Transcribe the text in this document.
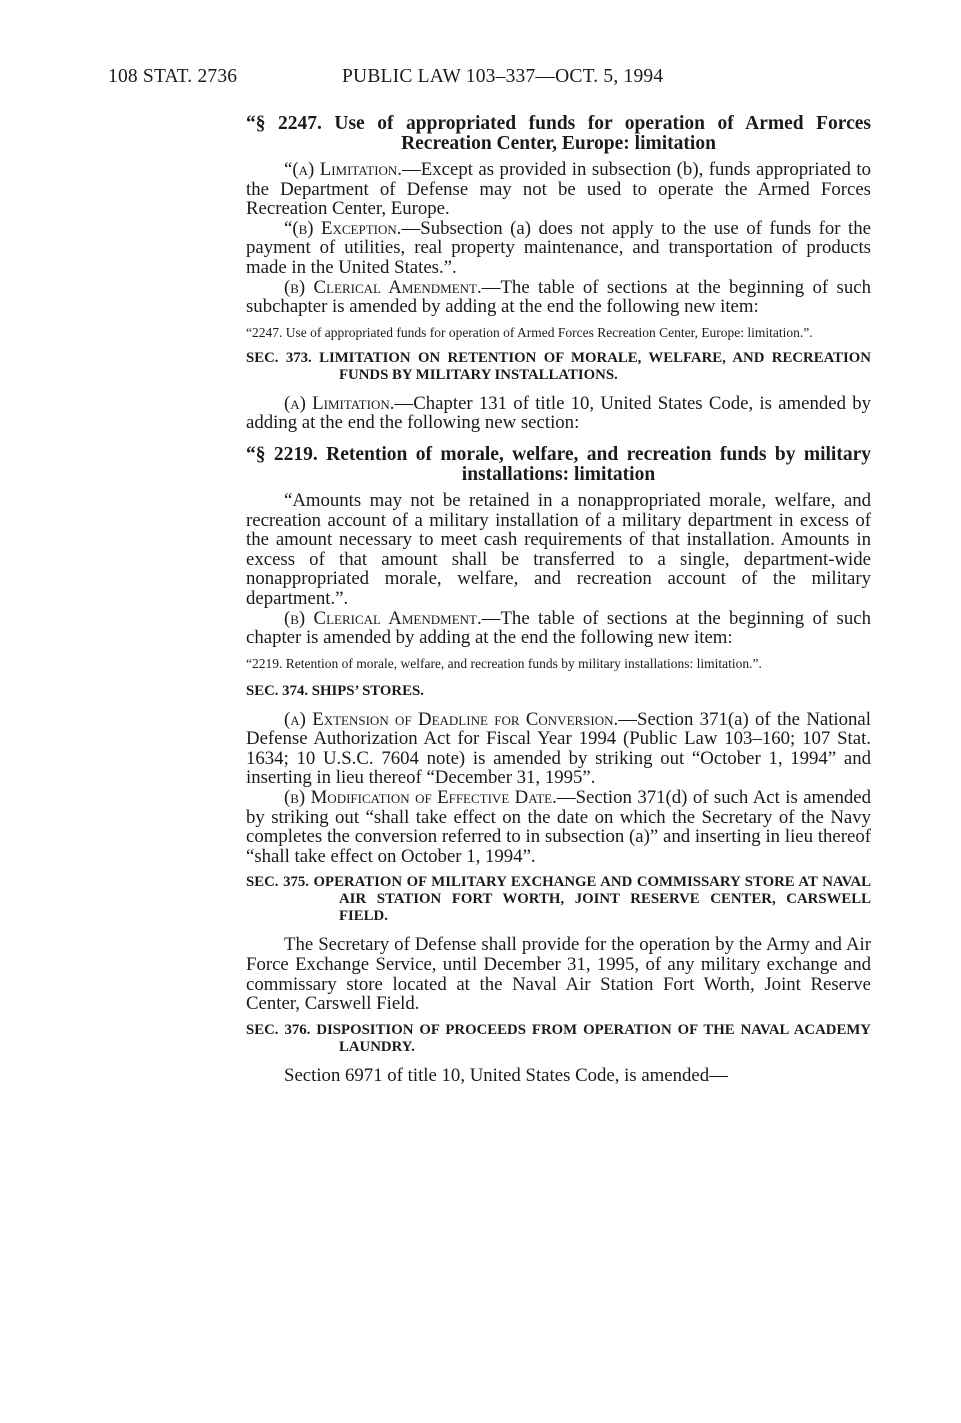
108 STAT. 2736	PUBLIC LAW 103–337—OCT. 5, 1994
“§ 2247. Use of appropriated funds for operation of Armed Forces Recreation Center, Europe: limitation

“(a) Limitation.—Except as provided in subsection (b), funds appropriated to the Department of Defense may not be used to operate the Armed Forces Recreation Center, Europe.

“(b) Exception.—Subsection (a) does not apply to the use of funds for the payment of utilities, real property maintenance, and transportation of products made in the United States.”.

(b) Clerical Amendment.—The table of sections at the beginning of such subchapter is amended by adding at the end the following new item:

“2247. Use of appropriated funds for operation of Armed Forces Recreation Center, Europe: limitation.”.
SEC. 373. LIMITATION ON RETENTION OF MORALE, WELFARE, AND RECREATION FUNDS BY MILITARY INSTALLATIONS.

(a) Limitation.—Chapter 131 of title 10, United States Code, is amended by adding at the end the following new section:

“§ 2219. Retention of morale, welfare, and recreation funds by military installations: limitation

“Amounts may not be retained in a nonappropriated morale, welfare, and recreation account of a military installation of a military department in excess of the amount necessary to meet cash requirements of that installation. Amounts in excess of that amount shall be transferred to a single, department-wide nonappropriated morale, welfare, and recreation account of the military department.”.

(b) Clerical Amendment.—The table of sections at the beginning of such chapter is amended by adding at the end the following new item:

“2219. Retention of morale, welfare, and recreation funds by military installations: limitation.”.
SEC. 374. SHIPS’ STORES.

(a) Extension of Deadline for Conversion.—Section 371(a) of the National Defense Authorization Act for Fiscal Year 1994 (Public Law 103–160; 107 Stat. 1634; 10 U.S.C. 7604 note) is amended by striking out “October 1, 1994” and inserting in lieu thereof “December 31, 1995”.

(b) Modification of Effective Date.—Section 371(d) of such Act is amended by striking out “shall take effect on the date on which the Secretary of the Navy completes the conversion referred to in subsection (a)” and inserting in lieu thereof “shall take effect on October 1, 1994”.

SEC. 375. OPERATION OF MILITARY EXCHANGE AND COMMISSARY STORE AT NAVAL AIR STATION FORT WORTH, JOINT RESERVE CENTER, CARSWELL FIELD.

The Secretary of Defense shall provide for the operation by the Army and Air Force Exchange Service, until December 31, 1995, of any military exchange and commissary store located at the Naval Air Station Fort Worth, Joint Reserve Center, Carswell Field.

SEC. 376. DISPOSITION OF PROCEEDS FROM OPERATION OF THE NAVAL ACADEMY LAUNDRY.

Section 6971 of title 10, United States Code, is amended—
